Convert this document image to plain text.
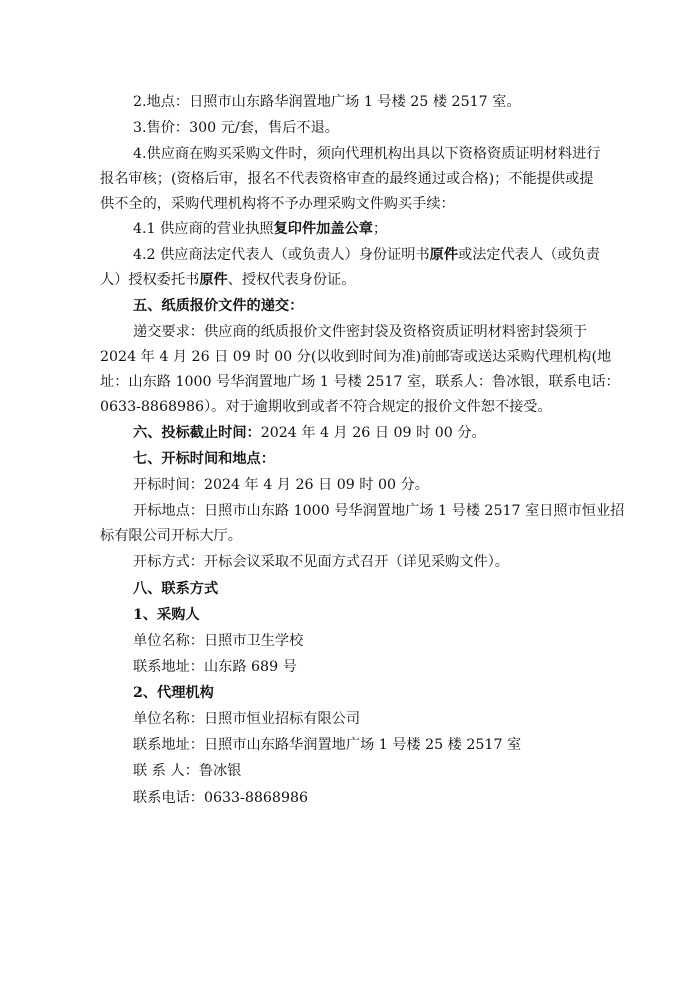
2.地点：日照市山东路华润置地广场 1 号楼 25 楼 2517 室。
3.售价：300 元/套，售后不退。
4.供应商在购买采购文件时，须向代理机构出具以下资格资质证明材料进行
报名审核；(资格后审，报名不代表资格审查的最终通过或合格)；不能提供或提
供不全的，采购代理机构将不予办理采购文件购买手续：
4.1 供应商的营业执照复印件加盖公章；
4.2 供应商法定代表人（或负责人）身份证明书原件或法定代表人（或负责
人）授权委托书原件、授权代表身份证。
五、纸质报价文件的递交：
递交要求：供应商的纸质报价文件密封袋及资格资质证明材料密封袋须于
2024 年 4 月 26 日 09 时 00 分(以收到时间为准)前邮寄或送达采购代理机构(地
址：山东路 1000 号华润置地广场 1 号楼 2517 室，联系人：鲁冰银，联系电话：
0633-8868986）。对于逾期收到或者不符合规定的报价文件恕不接受。
六、投标截止时间：2024 年 4 月 26 日 09 时 00 分。
七、开标时间和地点：
开标时间：2024 年 4 月 26 日 09 时 00 分。
开标地点：日照市山东路 1000 号华润置地广场 1 号楼 2517 室日照市恒业招
标有限公司开标大厅。
开标方式：开标会议采取不见面方式召开（详见采购文件）。
八、联系方式
1、采购人
单位名称：日照市卫生学校
联系地址：山东路 689 号
2、代理机构
单位名称：日照市恒业招标有限公司
联系地址：日照市山东路华润置地广场 1 号楼 25 楼 2517 室
联 系 人：鲁冰银
联系电话：0633-8868986
